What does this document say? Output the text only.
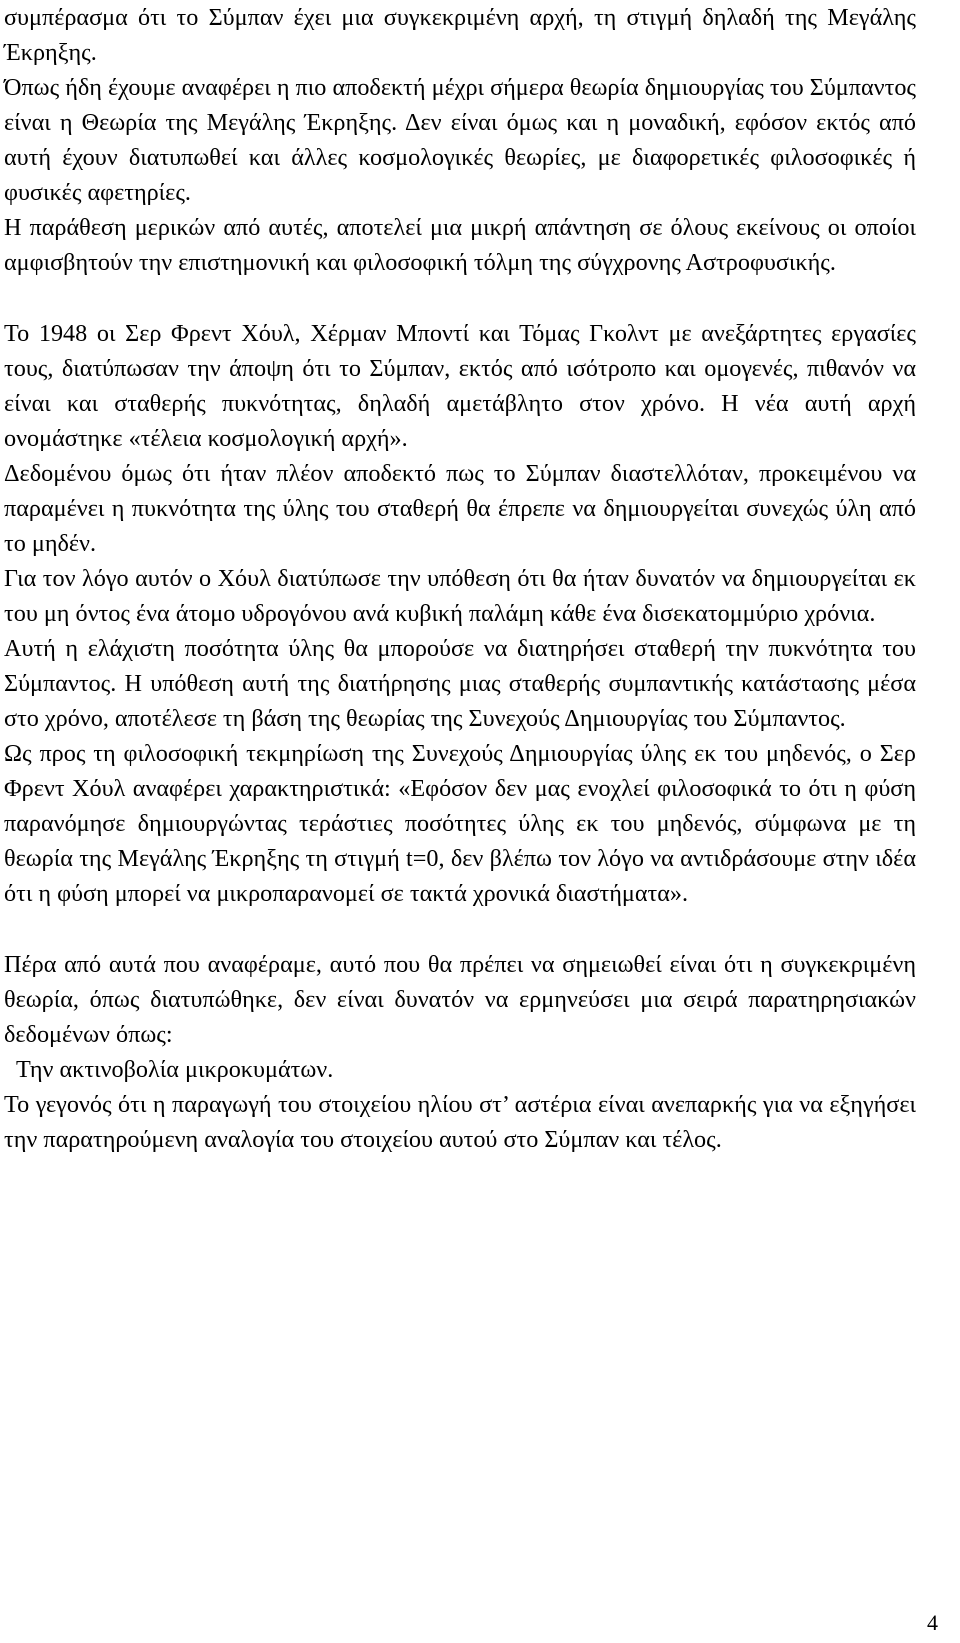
συμπέρασμα ότι το Σύμπαν έχει μια συγκεκριμένη αρχή, τη στιγμή δηλαδή της Μεγάλης Έκρηξης.

Όπως ήδη έχουμε αναφέρει η πιο αποδεκτή μέχρι σήμερα θεωρία δημιουργίας του Σύμπαντος είναι η Θεωρία της Μεγάλης Έκρηξης. Δεν είναι όμως και η μοναδική, εφόσον εκτός από αυτή έχουν διατυπωθεί και άλλες κοσμολογικές θεωρίες, με διαφορετικές φιλοσοφικές ή φυσικές αφετηρίες.

Η παράθεση μερικών από αυτές, αποτελεί μια μικρή απάντηση σε όλους εκείνους οι οποίοι αμφισβητούν την επιστημονική και φιλοσοφική τόλμη της σύγχρονης Αστροφυσικής.

Το 1948 οι Σερ Φρεντ Χόυλ, Χέρμαν Μποντί και Τόμας Γκολντ με ανεξάρτητες εργασίες τους, διατύπωσαν την άποψη ότι το Σύμπαν, εκτός από ισότροπο και ομογενές, πιθανόν να είναι και σταθερής πυκνότητας, δηλαδή αμετάβλητο στον χρόνο. Η νέα αυτή αρχή ονομάστηκε «τέλεια κοσμολογική αρχή».

Δεδομένου όμως ότι ήταν πλέον αποδεκτό πως το Σύμπαν διαστελλόταν, προκειμένου να παραμένει η πυκνότητα της ύλης του σταθερή θα έπρεπε να δημιουργείται συνεχώς ύλη από το μηδέν.

Για τον λόγο αυτόν ο Χόυλ διατύπωσε την υπόθεση ότι θα ήταν δυνατόν να δημιουργείται εκ του μη όντος ένα άτομο υδρογόνου ανά κυβική παλάμη κάθε ένα δισεκατομμύριο χρόνια.

Αυτή η ελάχιστη ποσότητα ύλης θα μπορούσε να διατηρήσει σταθερή την πυκνότητα του Σύμπαντος. Η υπόθεση αυτή της διατήρησης μιας σταθερής συμπαντικής κατάστασης μέσα στο χρόνο, αποτέλεσε τη βάση της θεωρίας της Συνεχούς Δημιουργίας του Σύμπαντος.

Ως προς τη φιλοσοφική τεκμηρίωση της Συνεχούς Δημιουργίας ύλης εκ του μηδενός, ο Σερ Φρεντ Χόυλ αναφέρει χαρακτηριστικά: «Εφόσον δεν μας ενοχλεί φιλοσοφικά το ότι η φύση παρανόμησε δημιουργώντας τεράστιες ποσότητες ύλης εκ του μηδενός, σύμφωνα με τη θεωρία της Μεγάλης Έκρηξης τη στιγμή t=0, δεν βλέπω τον λόγο να αντιδράσουμε στην ιδέα ότι η φύση μπορεί να μικροπαρανομεί σε τακτά χρονικά διαστήματα».

Πέρα από αυτά που αναφέραμε, αυτό που θα πρέπει να σημειωθεί είναι ότι η συγκεκριμένη θεωρία, όπως διατυπώθηκε, δεν είναι δυνατόν να ερμηνεύσει μια σειρά παρατηρησιακών δεδομένων όπως:

Την ακτινοβολία μικροκυμάτων.

Το γεγονός ότι η παραγωγή του στοιχείου ηλίου στ’ αστέρια είναι ανεπαρκής για να εξηγήσει την παρατηρούμενη αναλογία του στοιχείου αυτού στο Σύμπαν και τέλος.

4
